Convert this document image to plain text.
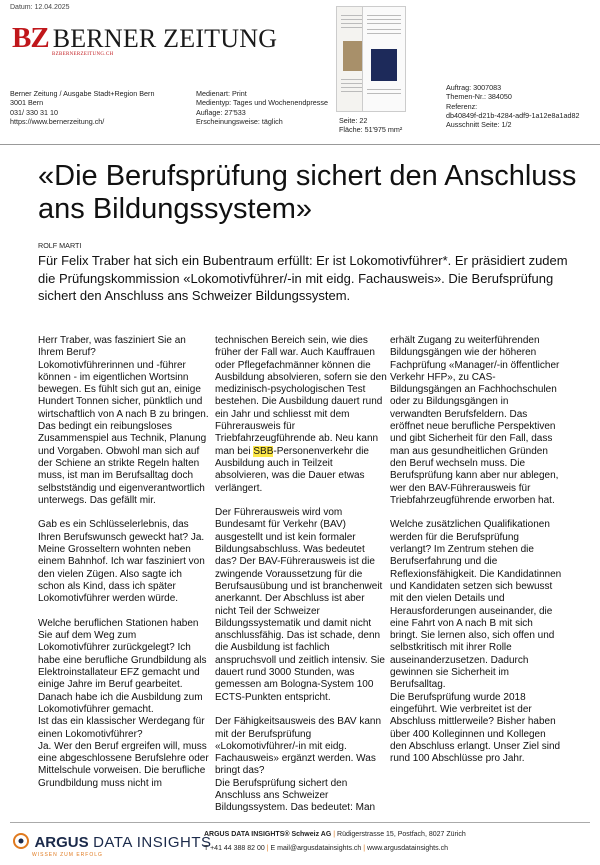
Datum: 12.04.2025
BZ BERNER ZEITUNG
BZBERNERZEITUNG.CH
Berner Zeitung / Ausgabe Stadt+Region Bern
3001 Bern
031/ 330 31 10
https://www.bernerzeitung.ch/
Medienart: Print
Medientyp: Tages und Wochenendpresse
Auflage: 27'533
Erscheinungsweise: täglich	Seite: 22
Fläche: 51'975 mm²
Auftrag: 3007083
Themen-Nr.: 384050
Referenz:
db40849f-d21b-4284-adf9-1a12e8a1ad82
Ausschnitt Seite: 1/2
«Die Berufsprüfung sichert den Anschluss ans Bildungssystem»
ROLF MARTI
Für Felix Traber hat sich ein Bubentraum erfüllt: Er ist Lokomotivführer*. Er präsidiert zudem die Prüfungskommission «Lokomotivführer/-in mit eidg. Fachausweis». Die Berufsprüfung sichert den Anschluss ans Schweizer Bildungssystem.

Herr Traber, was fasziniert Sie an Ihrem Beruf?
Lokomotivführerinnen und -führer können - im eigentlichen Wortsinn bewegen. Es fühlt sich gut an, einige Hundert Tonnen sicher, pünktlich und wirtschaftlich von A nach B zu bringen. Das bedingt ein reibungsloses Zusammenspiel aus Technik, Planung und Vorgaben. Obwohl man sich auf der Schiene an strikte Regeln halten muss, ist man im Berufsalltag doch selbstständig und eigenverantwortlich unterwegs. Das gefällt mir.

Gab es ein Schlüsselerlebnis, das Ihren Berufswunsch geweckt hat? Ja. Meine Grosseltern wohnten neben einem Bahnhof. Ich war fasziniert von den vielen Zügen. Also sagte ich schon als Kind, dass ich später Lokomotivführer werden würde.

Welche beruflichen Stationen haben Sie auf dem Weg zum Lokomotivführer zurückgelegt? Ich habe eine berufliche Grundbildung als Elektroinstallateur EFZ gemacht und einige Jahre im Beruf gearbeitet. Danach habe ich die Ausbildung zum Lokomotivführer gemacht.
Ist das ein klassischer Werdegang für einen Lokomotivführer?
Ja. Wer den Beruf ergreifen will, muss eine abgeschlossene Berufslehre oder Mittelschule vorweisen. Die berufliche Grundbildung muss nicht im

technischen Bereich sein, wie dies früher der Fall war. Auch Kauffrauen oder Pflegefachmänner können die Ausbildung absolvieren, sofern sie den medizinisch-psychologischen Test bestehen. Die Ausbildung dauert rund ein Jahr und schliesst mit dem Führerausweis für Triebfahrzeugführende ab. Neu kann man bei SBB-Personenverkehr die Ausbildung auch in Teilzeit absolvieren, was die Dauer etwas verlängert.

Der Führerausweis wird vom Bundesamt für Verkehr (BAV) ausgestellt und ist kein formaler Bildungsabschluss. Was bedeutet das? Der BAV-Führerausweis ist die zwingende Voraussetzung für die Berufsausübung und ist branchenweit anerkannt. Der Abschluss ist aber nicht Teil der Schweizer Bildungssystematik und damit nicht anschlussfähig. Das ist schade, denn die Ausbildung ist fachlich anspruchsvoll und zeitlich intensiv. Sie dauert rund 3000 Stunden, was gemessen am Bologna-System 100 ECTS-Punkten entspricht.

Der Fähigkeitsausweis des BAV kann mit der Berufsprüfung «Lokomotivführer/-in mit eidg. Fachausweis» ergänzt werden. Was bringt das?
Die Berufsprüfung sichert den Anschluss ans Schweizer Bildungssystem. Das bedeutet: Man

erhält Zugang zu weiterführenden Bildungsgängen wie der höheren Fachprüfung «Manager/-in öffentlicher Verkehr HFP», zu CAS-Bildungsgängen an Fachhochschulen oder zu Bildungsgängen in verwandten Berufsfeldern. Das eröffnet neue berufliche Perspektiven und gibt Sicherheit für den Fall, dass man aus gesundheitlichen Gründen den Beruf wechseln muss. Die Berufsprüfung kann aber nur ablegen, wer den BAV-Führerausweis für Triebfahrzeugführende erworben hat.

Welche zusätzlichen Qualifikationen werden für die Berufsprüfung verlangt? Im Zentrum stehen die Berufserfahrung und die Reflexionsfähigkeit. Die Kandidatinnen und Kandidaten setzen sich bewusst mit den vielen Details und Herausforderungen auseinander, die eine Fahrt von A nach B mit sich bringt. Sie lernen also, sich offen und selbstkritisch mit ihrer Rolle auseinanderzusetzen. Dadurch gewinnen sie Sicherheit im Berufsalltag.
Die Berufsprüfung wurde 2018 eingeführt. Wie verbreitet ist der Abschluss mittlerweile? Bisher haben über 400 Kolleginnen und Kollegen den Abschluss erlangt. Unser Ziel sind rund 100 Abschlüsse pro Jahr.

ARGUS DATA INSIGHTS
WISSEN ZUM ERFOLG
ARGUS DATA INSIGHTS® Schweiz AG | Rüdigerstrasse 15, Postfach, 8027 Zürich
T +41 44 388 82 00 | E mail@argusdatainsights.ch | www.argusdatainsights.ch
